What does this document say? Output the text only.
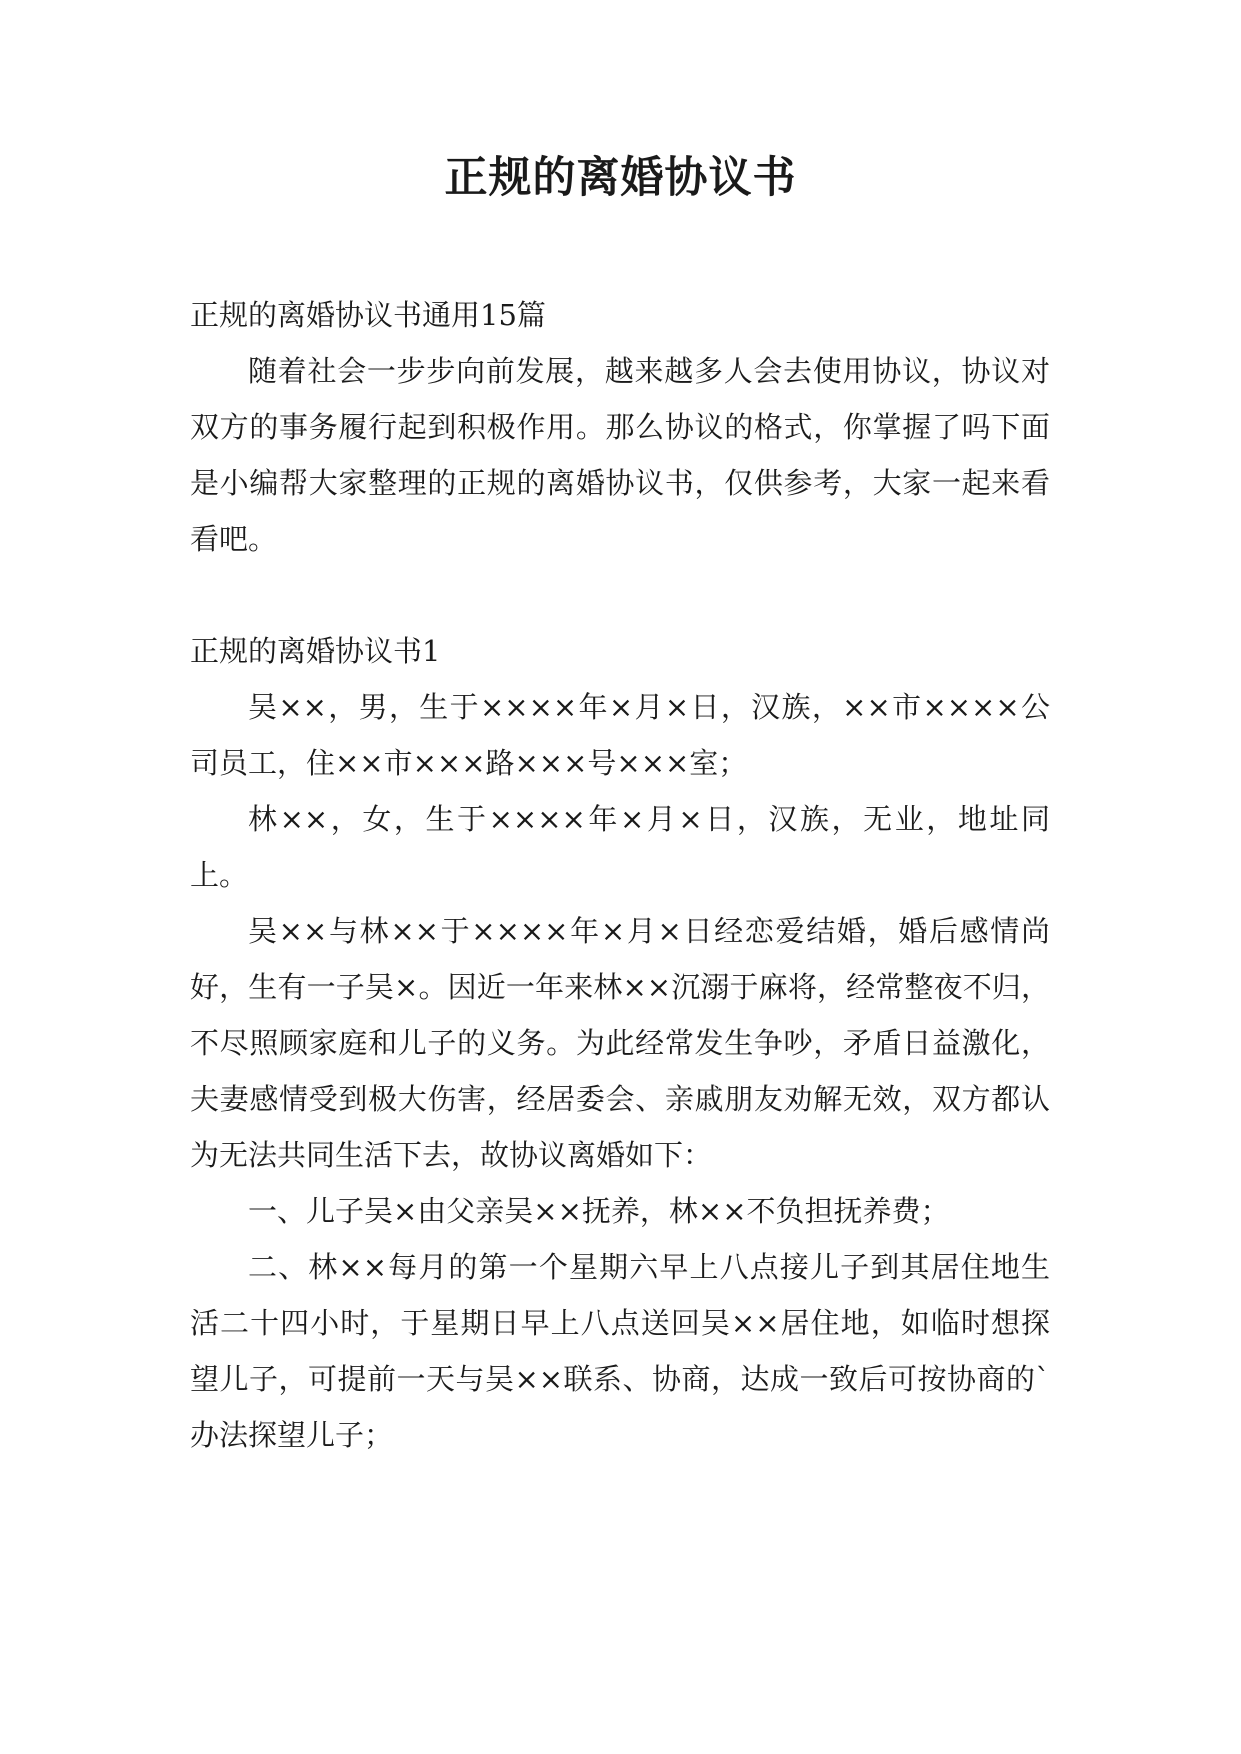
正规的离婚协议书

正规的离婚协议书通用15篇

随着社会一步步向前发展，越来越多人会去使用协议，协议对双方的事务履行起到积极作用。那么协议的格式，你掌握了吗下面是小编帮大家整理的正规的离婚协议书，仅供参考，大家一起来看看吧。

正规的离婚协议书1

吴××，男，生于××××年×月×日，汉族，××市××××公司员工，住××市×××路×××号×××室；

林××，女，生于××××年×月×日，汉族，无业，地址同上。

吴××与林××于××××年×月×日经恋爱结婚，婚后感情尚好，生有一子吴×。因近一年来林××沉溺于麻将，经常整夜不归，不尽照顾家庭和儿子的义务。为此经常发生争吵，矛盾日益激化，夫妻感情受到极大伤害，经居委会、亲戚朋友劝解无效，双方都认为无法共同生活下去，故协议离婚如下：

一、儿子吴×由父亲吴××抚养，林××不负担抚养费；

二、林××每月的第一个星期六早上八点接儿子到其居住地生活二十四小时，于星期日早上八点送回吴××居住地，如临时想探望儿子，可提前一天与吴××联系、协商，达成一致后可按协商的`办法探望儿子；
